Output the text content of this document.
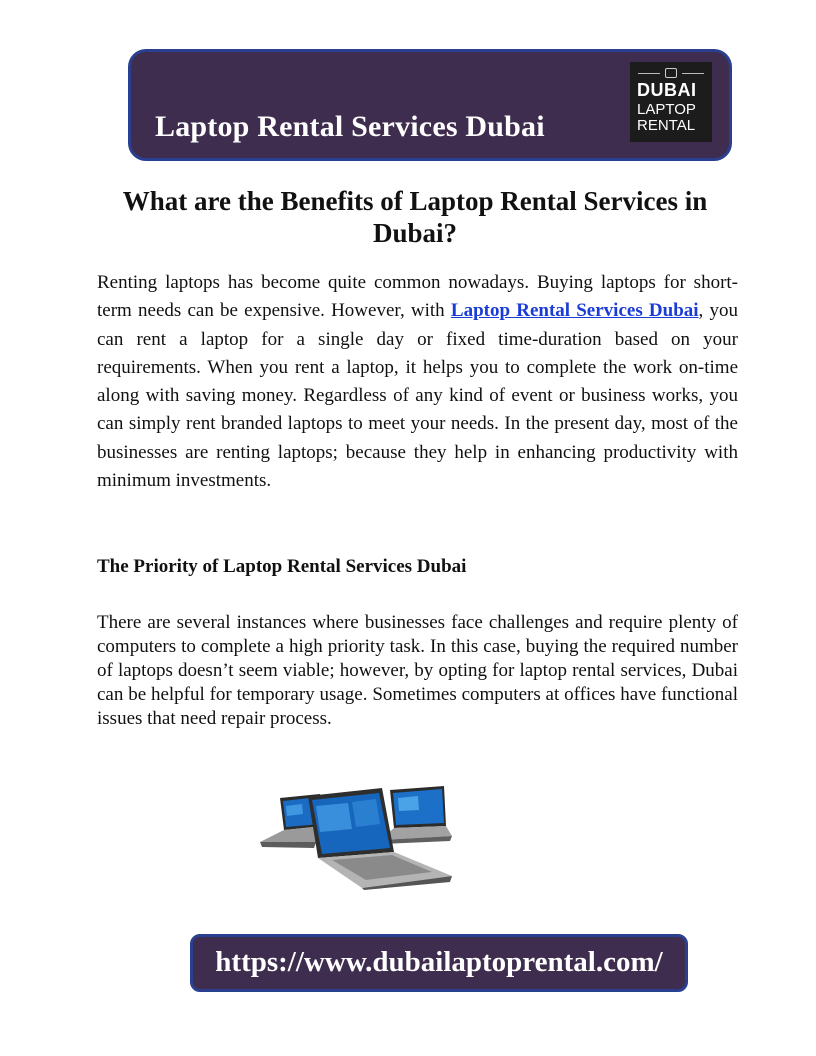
Laptop Rental Services Dubai
DUBAI
LAPTOP
RENTAL
What are the Benefits of Laptop Rental Services in Dubai?

Renting laptops has become quite common nowadays. Buying laptops for short-term needs can be expensive. However, with Laptop Rental Services Dubai, you can rent a laptop for a single day or fixed time-duration based on your requirements. When you rent a laptop, it helps you to complete the work on-time along with saving money. Regardless of any kind of event or business works, you can simply rent branded laptops to meet your needs. In the present day, most of the businesses are renting laptops; because they help in enhancing productivity with minimum investments.

The Priority of Laptop Rental Services Dubai

There are several instances where businesses face challenges and require plenty of computers to complete a high priority task. In this case, buying the required number of laptops doesn’t seem viable; however, by opting for laptop rental services, Dubai can be helpful for temporary usage. Sometimes computers at offices have functional issues that need repair process.

https://www.dubailaptoprental.com/
